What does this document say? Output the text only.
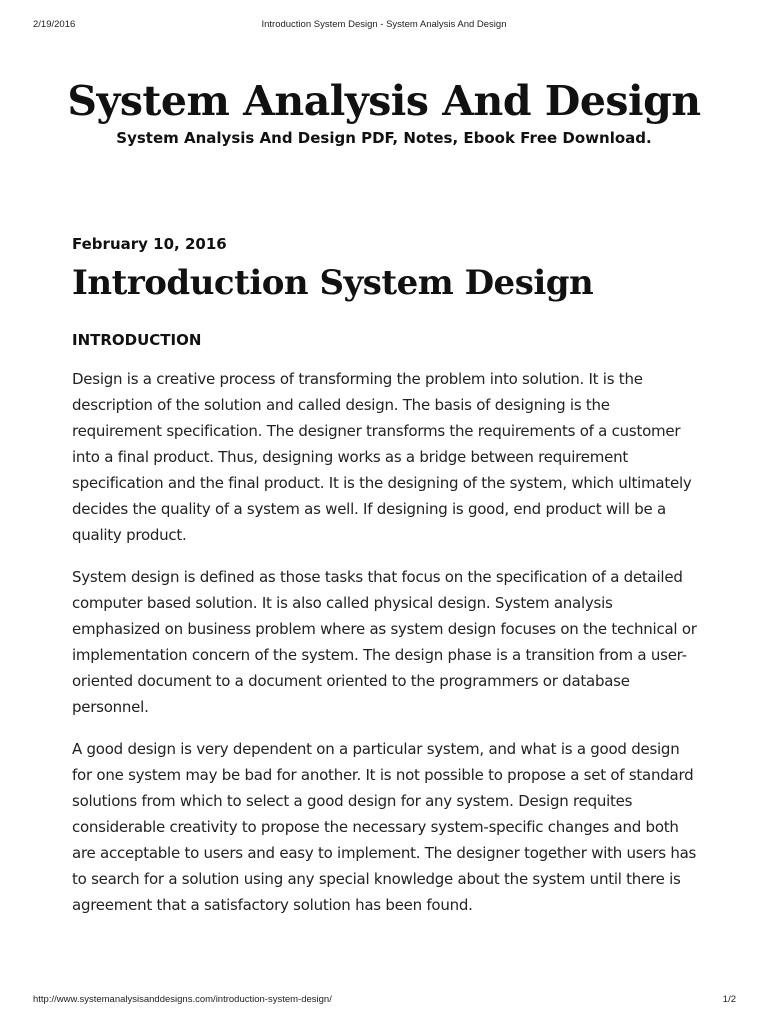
2/19/2016	Introduction System Design - System Analysis And Design
System Analysis And Design
System Analysis And Design PDF, Notes, Ebook Free Download.
February 10, 2016
Introduction System Design
INTRODUCTION

Design is a creative process of transforming the problem into solution. It is the description of the solution and called design. The basis of designing is the requirement specification. The designer transforms the requirements of a customer into a final product. Thus, designing works as a bridge between requirement specification and the final product. It is the designing of the system, which ultimately decides the quality of a system as well. If designing is good, end product will be a quality product.

System design is defined as those tasks that focus on the specification of a detailed computer based solution. It is also called physical design. System analysis emphasized on business problem where as system design focuses on the technical or implementation concern of the system. The design phase is a transition from a user-oriented document to a document oriented to the programmers or database personnel.

A good design is very dependent on a particular system, and what is a good design for one system may be bad for another. It is not possible to propose a set of standard solutions from which to select a good design for any system. Design requites considerable creativity to propose the necessary system-specific changes and both are acceptable to users and easy to implement. The designer together with users has to search for a solution using any special knowledge about the system until there is agreement that a satisfactory solution has been found.

http://www.systemanalysisanddesigns.com/introduction-system-design/	1/2
